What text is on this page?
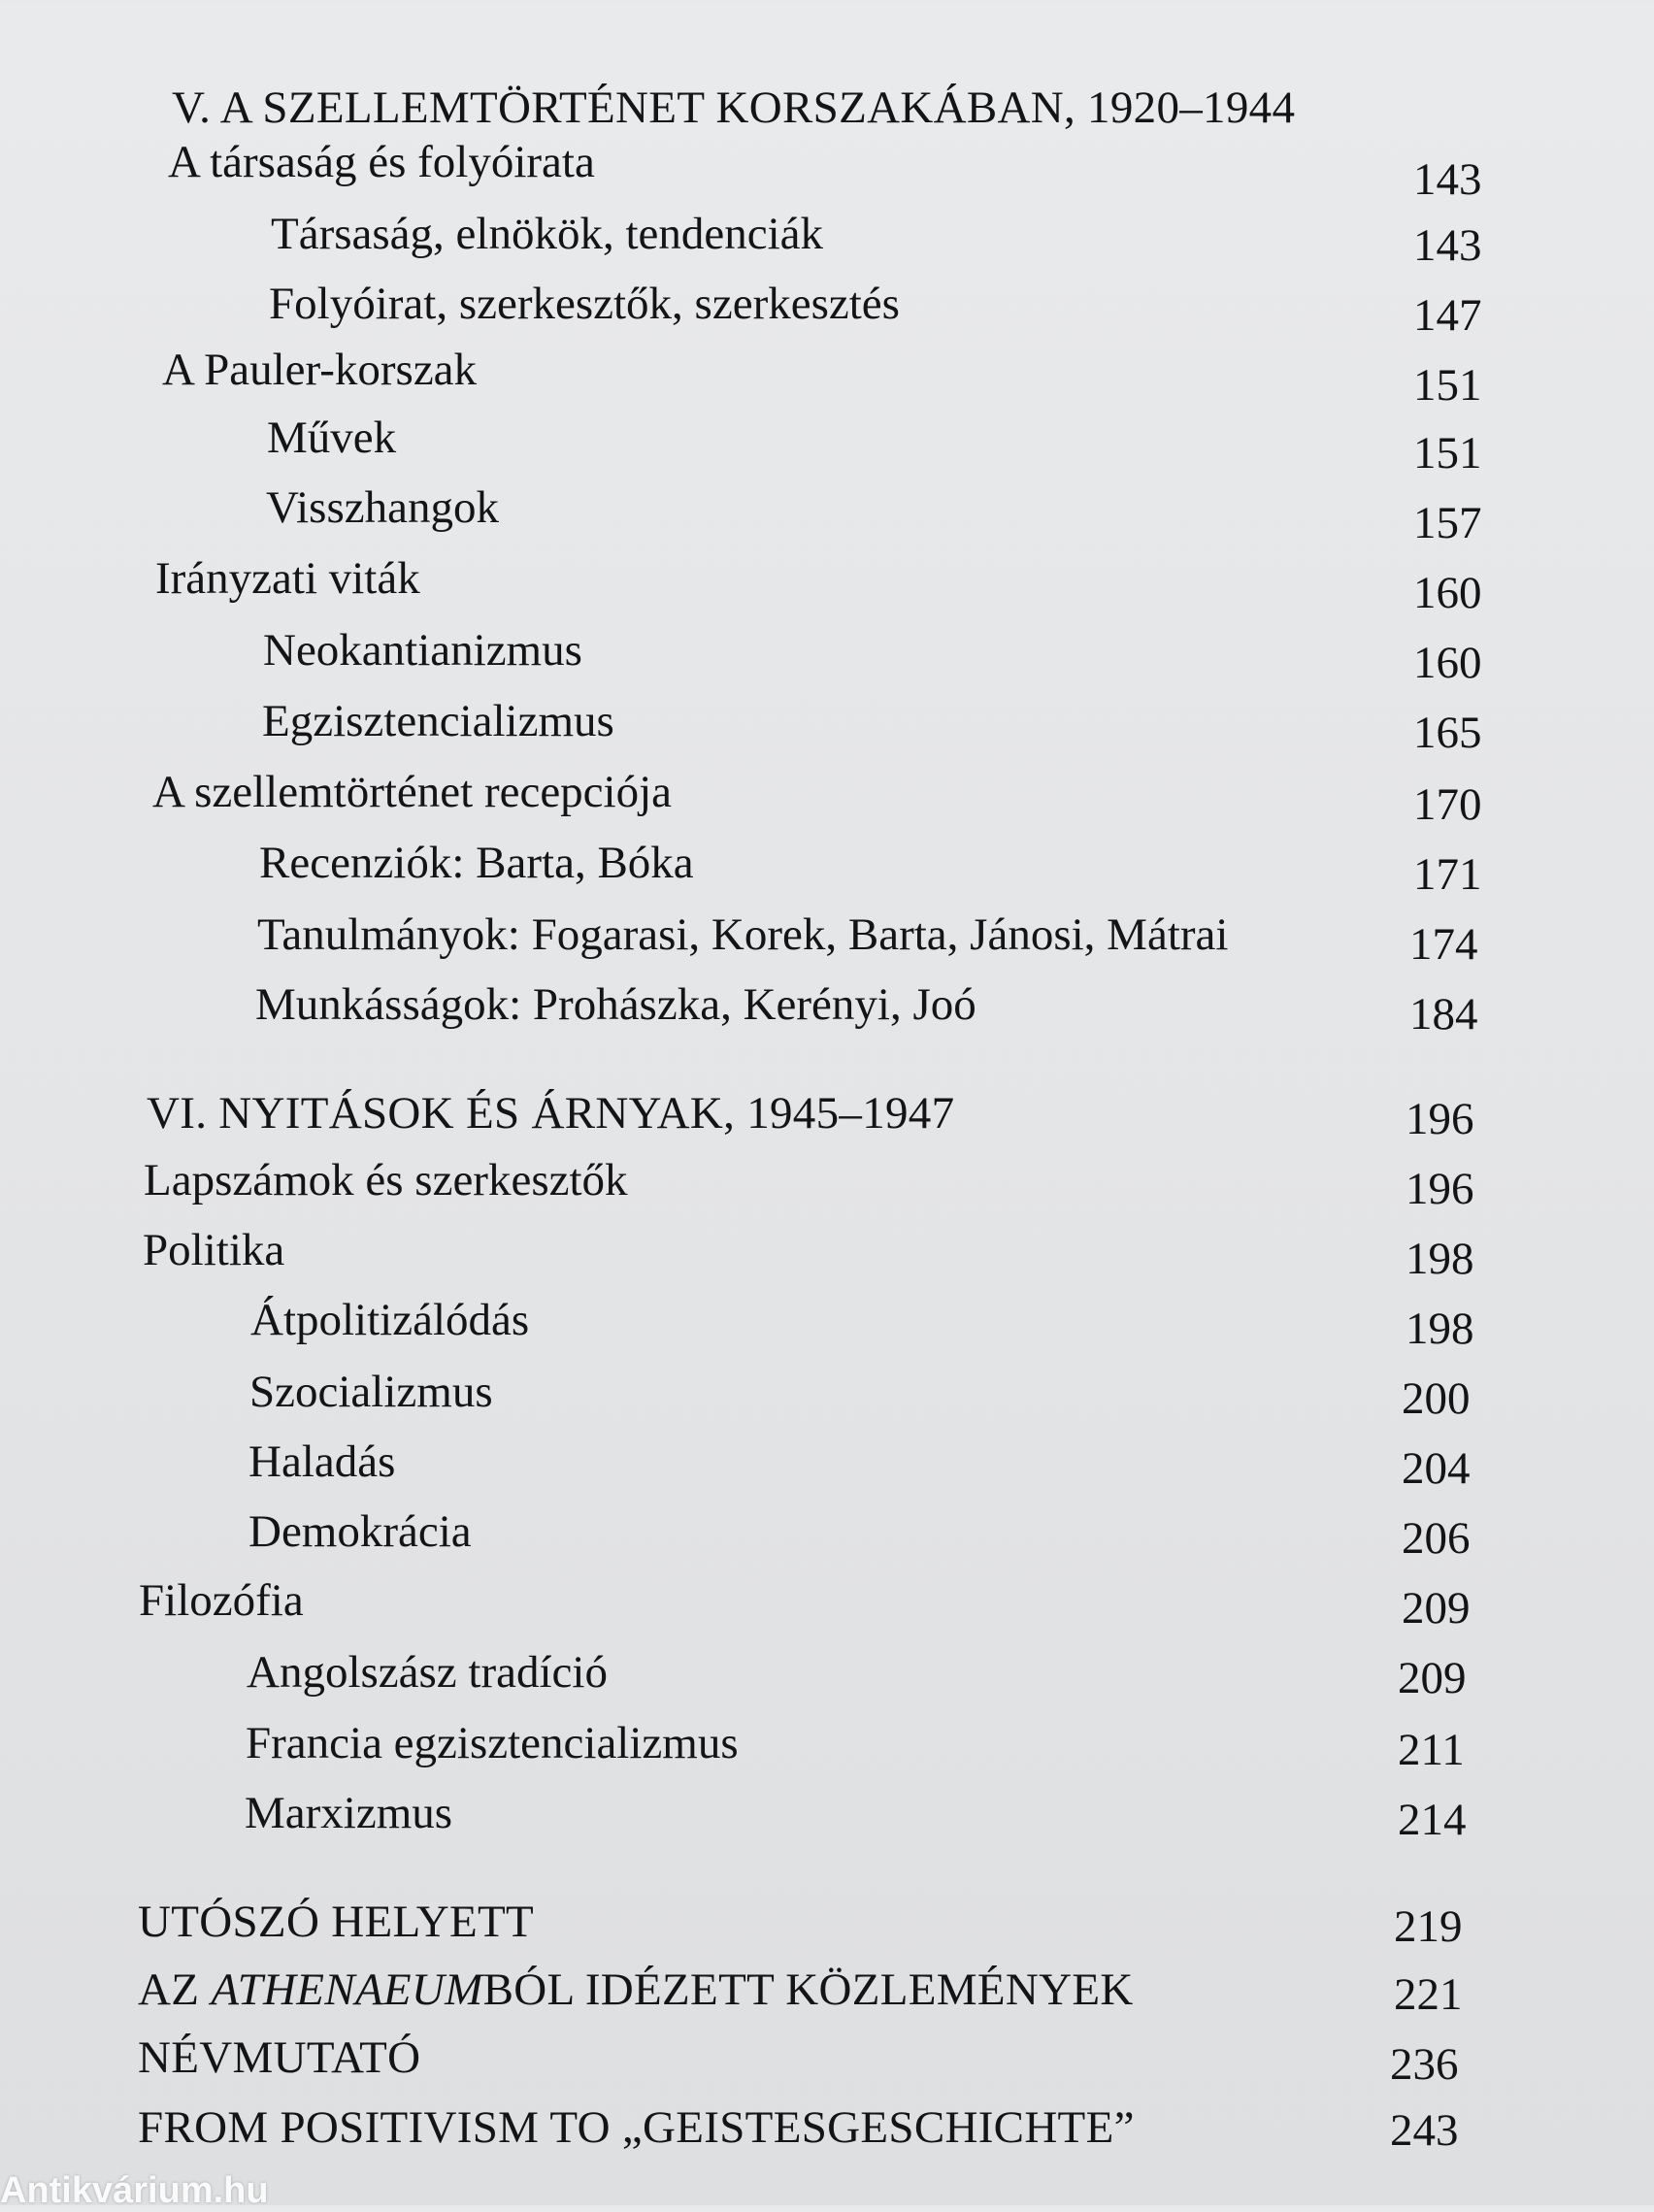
V. A SZELLEMTÖRTÉNET KORSZAKÁBAN, 1920–1944
A társaság és folyóirata	143
Társaság, elnökök, tendenciák	143
Folyóirat, szerkesztők, szerkesztés	147
A Pauler-korszak	151
Művek	151
Visszhangok	157
Irányzati viták	160
Neokantianizmus	160
Egzisztencializmus	165
A szellemtörténet recepciója	170
Recenziók: Barta, Bóka	171
Tanulmányok: Fogarasi, Korek, Barta, Jánosi, Mátrai	174
Munkásságok: Prohászka, Kerényi, Joó	184
VI. NYITÁSOK ÉS ÁRNYAK, 1945–1947	196
Lapszámok és szerkesztők	196
Politika	198
Átpolitizálódás	198
Szocializmus	200
Haladás	204
Demokrácia	206
Filozófia	209
Angolszász tradíció	209
Francia egzisztencializmus	211
Marxizmus	214
UTÓSZÓ HELYETT	219
AZ ATHENAEUMBÓL IDÉZETT KÖZLEMÉNYEK	221
NÉVMUTATÓ	236
FROM POSITIVISM TO „GEISTESGESCHICHTE”	243
Antikvárium.hu
